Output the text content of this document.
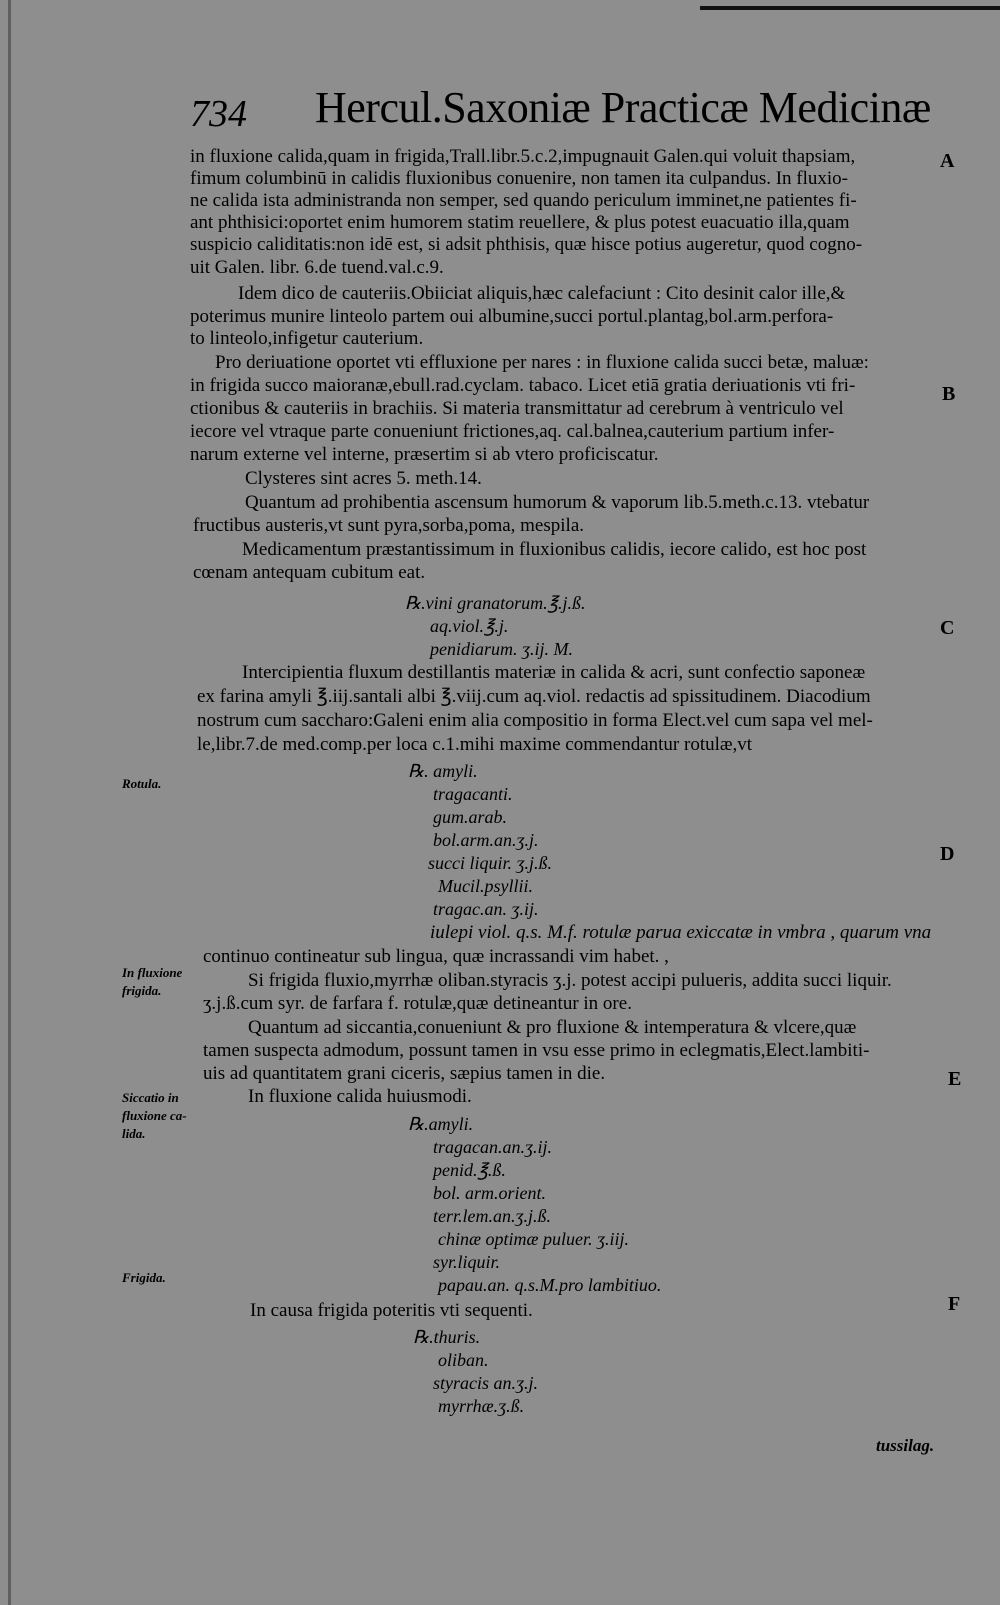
734 Hercul.Saxoniæ Practicæ Medicinæ
in fluxione calida,quam in frigida,Trall.libr.5.c.2,impugnauit Galen.qui voluit thapsiam,
fimum columbinū in calidis fluxionibus conuenire, non tamen ita culpandus. In fluxio-
ne calida ista administranda non semper, sed quando periculum imminet,ne patientes fi-
ant phthisici:oportet enim humorem statim reuellere, & plus potest euacuatio illa,quam
suspicio caliditatis:non idē est, si adsit phthisis, quæ hisce potius augeretur, quod cogno-
uit Galen. libr. 6.de tuend.val.c.9.
Idem dico de cauteriis.Obiiciat aliquis,hæc calefaciunt : Cito desinit calor ille,&
poterimus munire linteolo partem oui albumine,succi portul.plantag,bol.arm.perfora-
to linteolo,infigetur cauterium.
Pro deriuatione oportet vti effluxione per nares : in fluxione calida succi betæ, maluæ:
in frigida succo maioranæ,ebull.rad.cyclam. tabaco. Licet etiā gratia deriuationis vti fri-
ctionibus & cauteriis in brachiis. Si materia transmittatur ad cerebrum à ventriculo vel
iecore vel vtraque parte conueniunt frictiones,aq. cal.balnea,cauterium partium infer-
narum externe vel interne, præsertim si ab vtero proficiscatur.
Clysteres sint acres 5. meth.14.
Quantum ad prohibentia ascensum humorum & vaporum lib.5.meth.c.13. vtebatur
fructibus austeris,vt sunt pyra,sorba,poma, mespila.
Medicamentum præstantissimum in fluxionibus calidis, iecore calido, est hoc post
cœnam antequam cubitum eat.
℞.vini granatorum.℥.j.ß.
aq.viol.℥.j.
penidiarum. ʒ.ij. M.
Intercipientia fluxum destillantis materiæ in calida & acri, sunt confectio saponeæ
ex farina amyli ℥.iij.santali albi ℥.viij.cum aq.viol. redactis ad spissitudinem. Diacodium
nostrum cum saccharo:Galeni enim alia compositio in forma Elect.vel cum sapa vel mel-
le,libr.7.de med.comp.per loca c.1.mihi maxime commendantur rotulæ,vt
℞. amyli.
tragacanti.
gum.arab.
bol.arm.an.ʒ.j.
succi liquir. ʒ.j.ß.
Mucil.psyllii.
tragac.an. ʒ.ij.
iulepi viol. q.s. M.f. rotulæ parua exiccatæ in vmbra , quarum vna
continuo contineatur sub lingua, quæ incrassandi vim habet. ,
Si frigida fluxio,myrrhæ oliban.styracis ʒ.j. potest accipi pulueris, addita succi liquir.
ʒ.j.ß.cum syr. de farfara f. rotulæ,quæ detineantur in ore.
Quantum ad siccantia,conueniunt & pro fluxione & intemperatura & vlcere,quæ
tamen suspecta admodum, possunt tamen in vsu esse primo in eclegmatis,Elect.lambiti-
uis ad quantitatem grani ciceris, sæpius tamen in die.
In fluxione calida huiusmodi.
℞.amyli.
tragacan.an.ʒ.ij.
penid.℥.ß.
bol. arm.orient.
terr.lem.an.ʒ.j.ß.
chinæ optimæ puluer. ʒ.iij.
syr.liquir.
papau.an. q.s.M.pro lambitiuo.
In causa frigida poteritis vti sequenti.
℞.thuris.
oliban.
styracis an.ʒ.j.
myrrhæ.ʒ.ß.
A
B
C
D
E
F
Rotula.
In fluxione
frigida.
Siccatio in
fluxione ca-
lida.
Frigida.
tussilag.
